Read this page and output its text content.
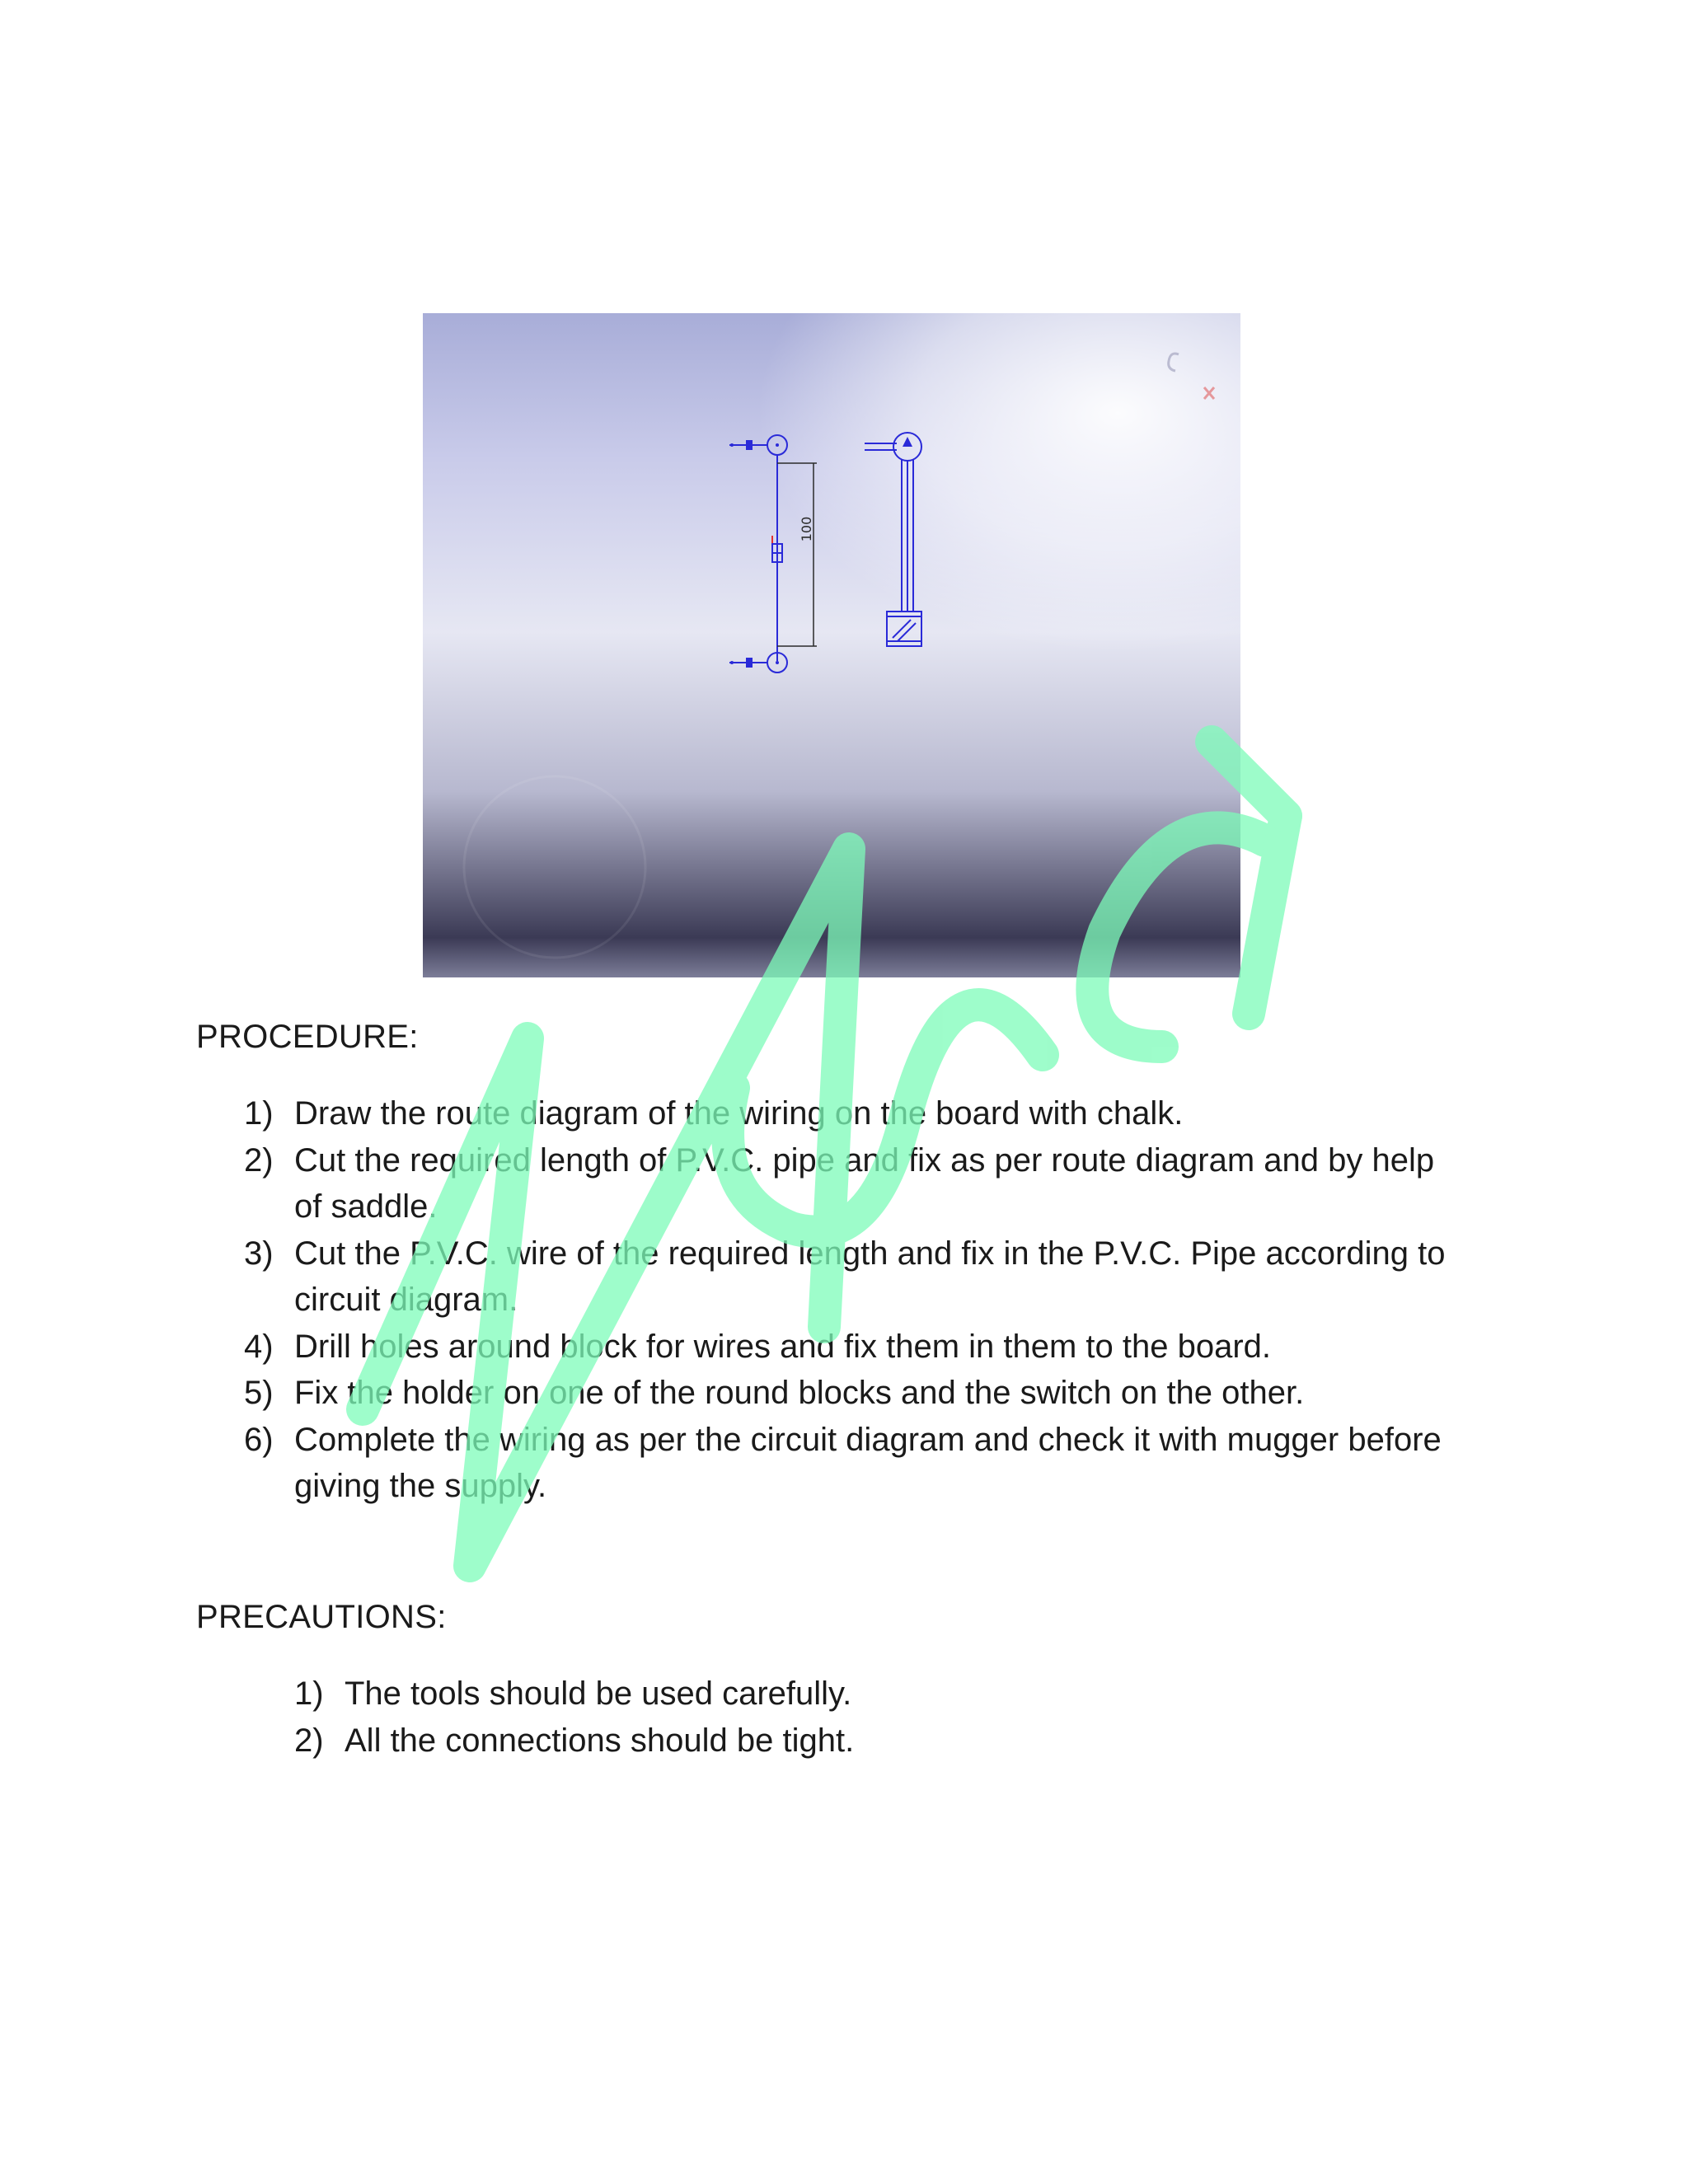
100
PROCEDURE:
1) Draw the route diagram of the wiring on the board with chalk.
2) Cut the required length of P.V.C. pipe and fix as per route diagram and by help of saddle.
3) Cut the P.V.C. wire of the required length and fix in the P.V.C. Pipe according to circuit diagram.
4) Drill holes around block for wires and fix them in them to the board.
5) Fix the holder on one of the round blocks and the switch on the other.
6) Complete the wiring as per the circuit diagram and check it with mugger before giving the supply.
PRECAUTIONS:
1) The tools should be used carefully.
2) All the connections should be tight.
